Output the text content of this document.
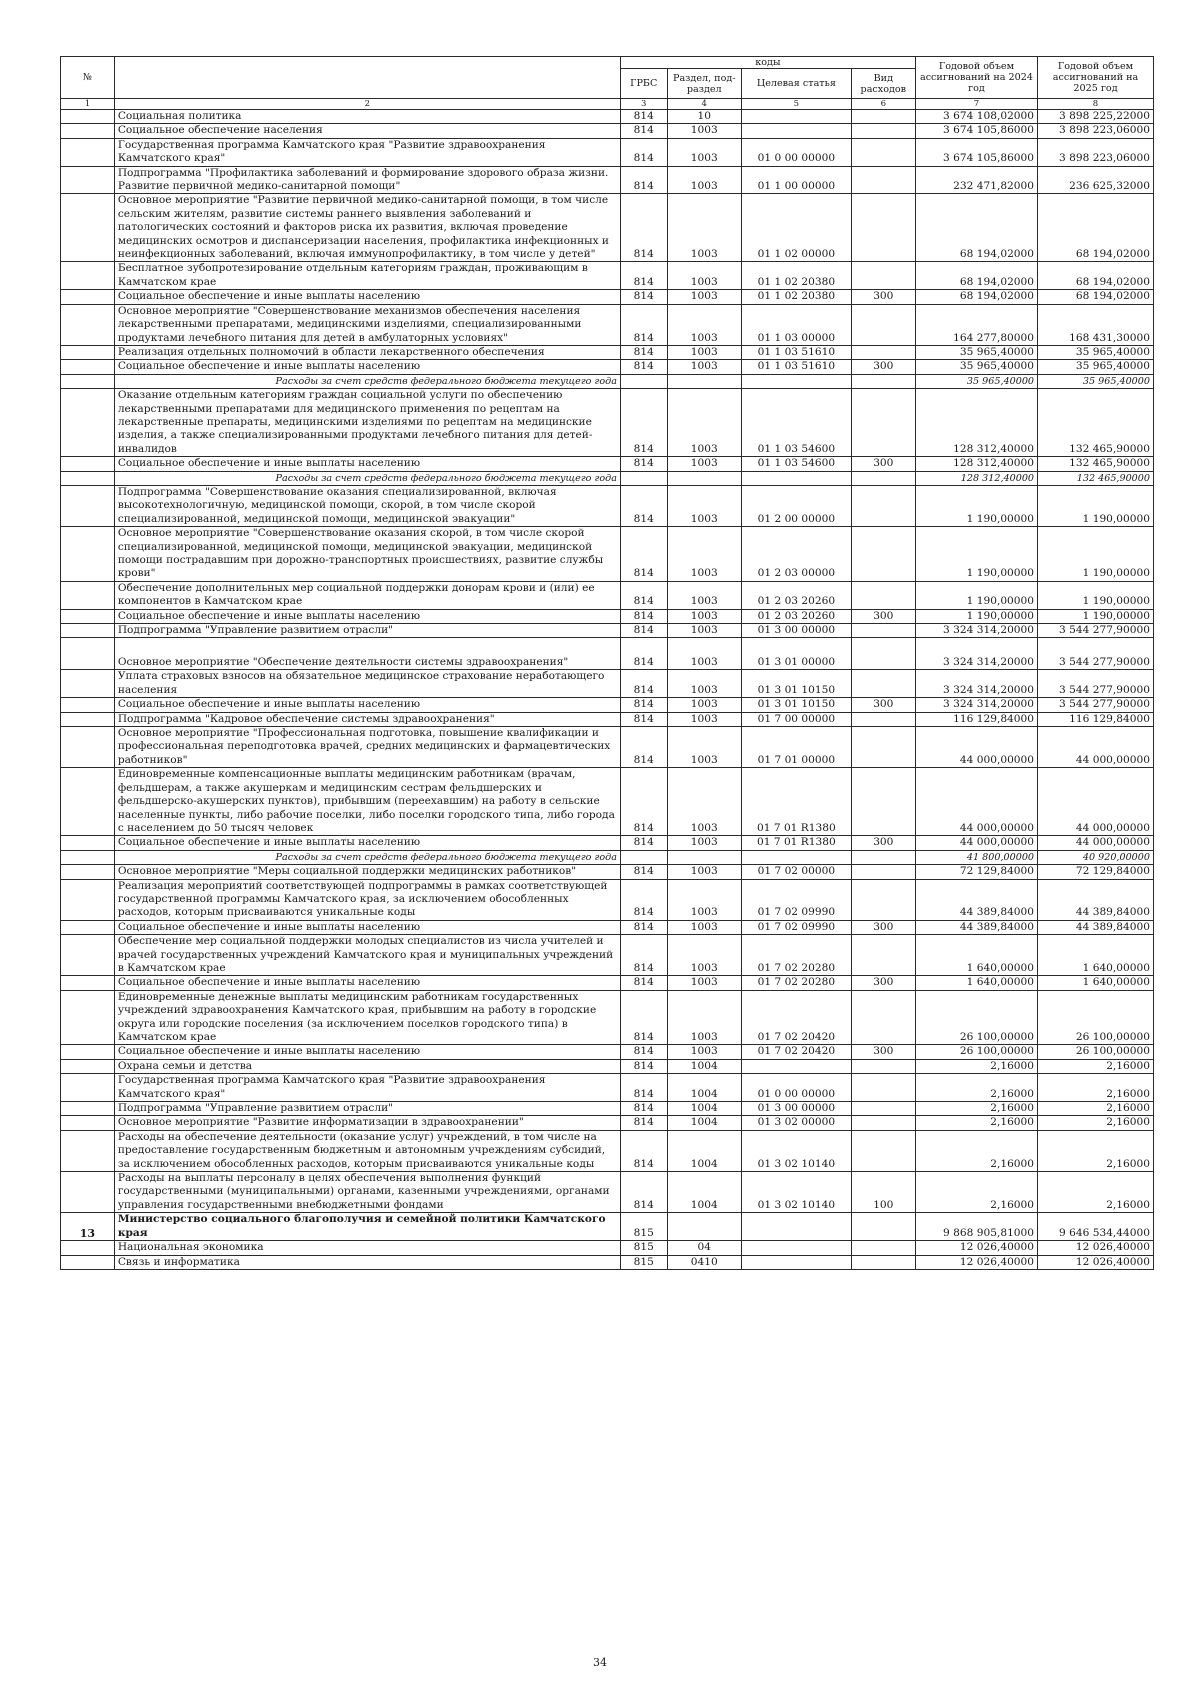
№		коды				Годовой объем ассигнований на 2024 год	Годовой объем ассигнований на 2025 год
		ГРБС	Раздел, под-раздел	Целевая статья	Вид расходов		
1	2	3	4	5	6	7	8
	Социальная политика	814	10			3 674 108,02000	3 898 225,22000
	Социальное обеспечение населения	814	1003			3 674 105,86000	3 898 223,06000
	Государственная программа Камчатского края "Развитие здравоохранения Камчатского края"	814	1003	01 0 00 00000		3 674 105,86000	3 898 223,06000
	Подпрограмма "Профилактика заболеваний и формирование здорового образа жизни. Развитие первичной медико-санитарной помощи"	814	1003	01 1 00 00000		232 471,82000	236 625,32000
	Основное мероприятие "Развитие первичной медико-санитарной помощи, в том числе сельским жителям, развитие системы раннего выявления заболеваний и патологических состояний и факторов риска их развития, включая проведение медицинских осмотров и диспансеризации населения, профилактика инфекционных и неинфекционных заболеваний, включая иммунопрофилактику, в том числе у детей"	814	1003	01 1 02 00000		68 194,02000	68 194,02000
	Бесплатное зубопротезирование отдельным категориям граждан, проживающим в Камчатском крае	814	1003	01 1 02 20380		68 194,02000	68 194,02000
	Социальное обеспечение и иные выплаты населению	814	1003	01 1 02 20380	300	68 194,02000	68 194,02000
	Основное мероприятие "Совершенствование механизмов обеспечения населения лекарственными препаратами, медицинскими изделиями, специализированными продуктами лечебного питания для детей в амбулаторных условиях"	814	1003	01 1 03 00000		164 277,80000	168 431,30000
	Реализация отдельных полномочий в области лекарственного обеспечения	814	1003	01 1 03 51610		35 965,40000	35 965,40000
	Социальное обеспечение и иные выплаты населению	814	1003	01 1 03 51610	300	35 965,40000	35 965,40000
	Расходы за счет средств федерального бюджета текущего года					35 965,40000	35 965,40000
	Оказание отдельным категориям граждан социальной услуги по обеспечению лекарственными препаратами для медицинского применения по рецептам на лекарственные препараты, медицинскими изделиями по рецептам на медицинские изделия, а также специализированными продуктами лечебного питания для детей-инвалидов	814	1003	01 1 03 54600		128 312,40000	132 465,90000
	Социальное обеспечение и иные выплаты населению	814	1003	01 1 03 54600	300	128 312,40000	132 465,90000
	Расходы за счет средств федерального бюджета текущего года					128 312,40000	132 465,90000
	Подпрограмма "Совершенствование оказания специализированной, включая высокотехнологичную, медицинской помощи, скорой, в том числе скорой специализированной, медицинской помощи, медицинской эвакуации"	814	1003	01 2 00 00000		1 190,00000	1 190,00000
	Основное мероприятие "Совершенствование оказания скорой, в том числе скорой специализированной, медицинской помощи, медицинской эвакуации, медицинской помощи пострадавшим при дорожно-транспортных происшествиях, развитие службы крови"	814	1003	01 2 03 00000		1 190,00000	1 190,00000
	Обеспечение дополнительных мер социальной поддержки донорам крови и (или) ее компонентов в Камчатском крае	814	1003	01 2 03 20260		1 190,00000	1 190,00000
	Социальное обеспечение и иные выплаты населению	814	1003	01 2 03 20260	300	1 190,00000	1 190,00000
	Подпрограмма "Управление развитием отрасли"	814	1003	01 3 00 00000		3 324 314,20000	3 544 277,90000
	Основное мероприятие "Обеспечение деятельности системы здравоохранения"	814	1003	01 3 01 00000		3 324 314,20000	3 544 277,90000
	Уплата страховых взносов на обязательное медицинское страхование неработающего населения	814	1003	01 3 01 10150		3 324 314,20000	3 544 277,90000
	Социальное обеспечение и иные выплаты населению	814	1003	01 3 01 10150	300	3 324 314,20000	3 544 277,90000
	Подпрограмма "Кадровое обеспечение системы здравоохранения"	814	1003	01 7 00 00000		116 129,84000	116 129,84000
	Основное мероприятие "Профессиональная подготовка, повышение квалификации и профессиональная переподготовка врачей, средних медицинских и фармацевтических работников"	814	1003	01 7 01 00000		44 000,00000	44 000,00000
	Единовременные компенсационные выплаты медицинским работникам (врачам, фельдшерам, а также акушеркам и медицинским сестрам фельдшерских и фельдшерско-акушерских пунктов), прибывшим (переехавшим) на работу в сельские населенные пункты, либо рабочие поселки, либо поселки городского типа, либо города с населением до 50 тысяч человек	814	1003	01 7 01 R1380		44 000,00000	44 000,00000
	Социальное обеспечение и иные выплаты населению	814	1003	01 7 01 R1380	300	44 000,00000	44 000,00000
	Расходы за счет средств федерального бюджета текущего года					41 800,00000	40 920,00000
	Основное мероприятие "Меры социальной поддержки медицинских работников"	814	1003	01 7 02 00000		72 129,84000	72 129,84000
	Реализация мероприятий соответствующей подпрограммы в рамках соответствующей государственной программы Камчатского края, за исключением обособленных расходов, которым присваиваются уникальные коды	814	1003	01 7 02 09990		44 389,84000	44 389,84000
	Социальное обеспечение и иные выплаты населению	814	1003	01 7 02 09990	300	44 389,84000	44 389,84000
	Обеспечение мер социальной поддержки молодых специалистов из числа учителей и врачей государственных учреждений Камчатского края и муниципальных учреждений в Камчатском крае	814	1003	01 7 02 20280		1 640,00000	1 640,00000
	Социальное обеспечение и иные выплаты населению	814	1003	01 7 02 20280	300	1 640,00000	1 640,00000
	Единовременные денежные выплаты медицинским работникам государственных учреждений здравоохранения Камчатского края, прибывшим на работу в городские округа или городские поселения (за исключением поселков городского типа) в Камчатском крае	814	1003	01 7 02 20420		26 100,00000	26 100,00000
	Социальное обеспечение и иные выплаты населению	814	1003	01 7 02 20420	300	26 100,00000	26 100,00000
	Охрана семьи и детства	814	1004			2,16000	2,16000
	Государственная программа Камчатского края "Развитие здравоохранения Камчатского края"	814	1004	01 0 00 00000		2,16000	2,16000
	Подпрограмма "Управление развитием отрасли"	814	1004	01 3 00 00000		2,16000	2,16000
	Основное мероприятие "Развитие информатизации в здравоохранении"	814	1004	01 3 02 00000		2,16000	2,16000
	Расходы на обеспечение деятельности (оказание услуг) учреждений, в том числе на предоставление государственным бюджетным и автономным учреждениям субсидий, за исключением обособленных расходов, которым присваиваются уникальные коды	814	1004	01 3 02 10140		2,16000	2,16000
	Расходы на выплаты персоналу в целях обеспечения выполнения функций государственными (муниципальными) органами, казенными учреждениями, органами управления государственными внебюджетными фондами	814	1004	01 3 02 10140	100	2,16000	2,16000
13	Министерство социального благополучия и семейной политики Камчатского края	815				9 868 905,81000	9 646 534,44000
	Национальная экономика	815	04			12 026,40000	12 026,40000
	Связь и информатика	815	0410			12 026,40000	12 026,40000
34
